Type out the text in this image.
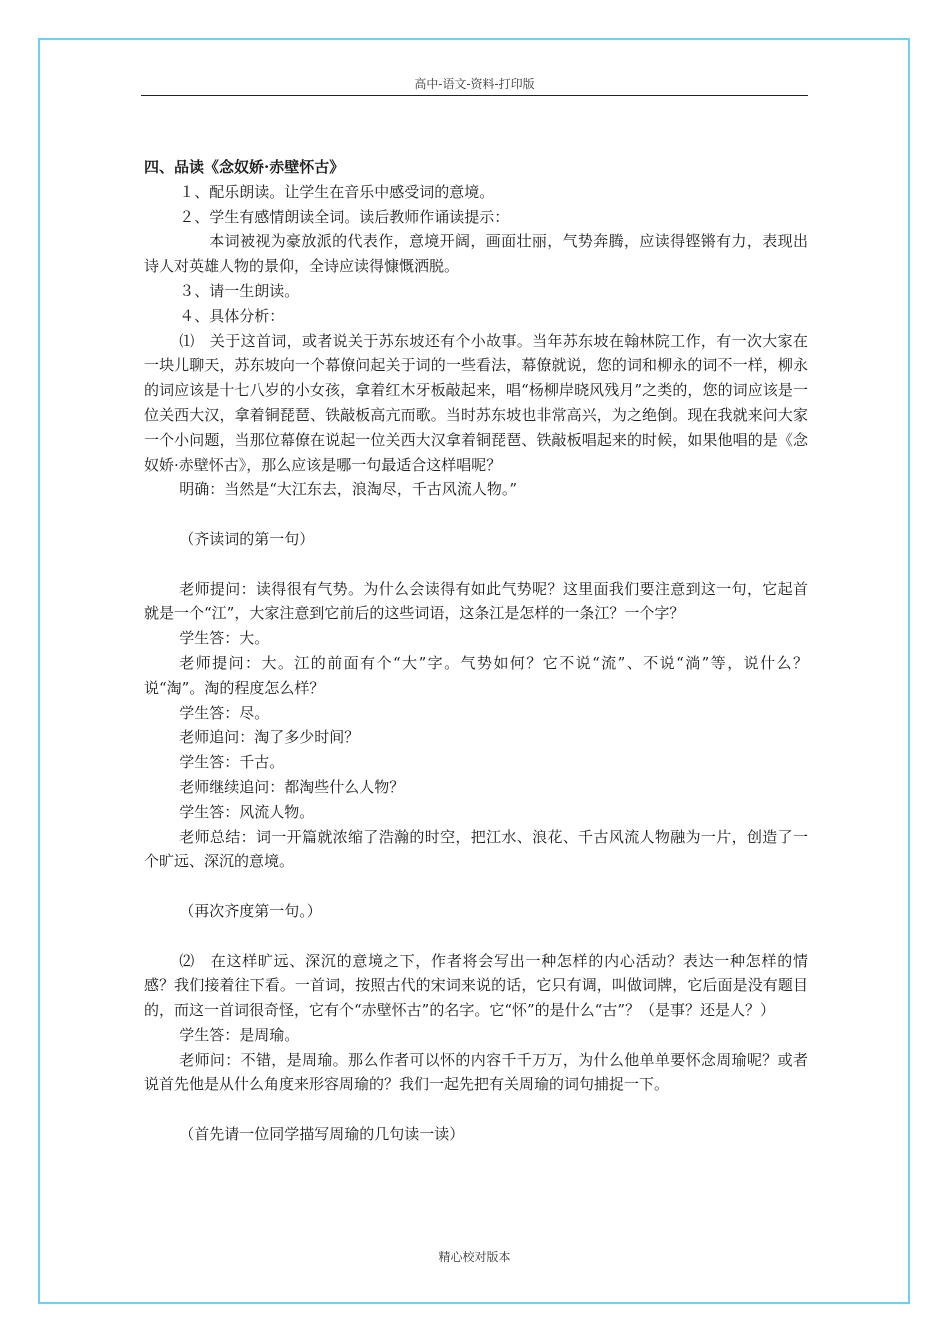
高中-语文-资料-打印版

四、品读《念奴娇·赤壁怀古》

１、配乐朗读。让学生在音乐中感受词的意境。

２、学生有感情朗读全词。读后教师作诵读提示：

本词被视为豪放派的代表作，意境开阔，画面壮丽，气势奔腾，应读得铿锵有力，表现出诗人对英雄人物的景仰，全诗应读得慷慨洒脱。

３、请一生朗读。

４、具体分析：

⑴　关于这首词，或者说关于苏东坡还有个小故事。当年苏东坡在翰林院工作，有一次大家在一块儿聊天，苏东坡向一个幕僚问起关于词的一些看法，幕僚就说，您的词和柳永的词不一样，柳永的词应该是十七八岁的小女孩，拿着红木牙板敲起来，唱“杨柳岸晓风残月”之类的，您的词应该是一位关西大汉，拿着铜琵琶、铁敲板高亢而歌。当时苏东坡也非常高兴，为之绝倒。现在我就来问大家一个小问题，当那位幕僚在说起一位关西大汉拿着铜琵琶、铁敲板唱起来的时候，如果他唱的是《念奴娇·赤壁怀古》，那么应该是哪一句最适合这样唱呢？

明确：当然是“大江东去，浪淘尽，千古风流人物。”

（齐读词的第一句）

老师提问：读得很有气势。为什么会读得有如此气势呢？这里面我们要注意到这一句，它起首就是一个“江”，大家注意到它前后的这些词语，这条江是怎样的一条江？一个字？

学生答：大。

老师提问：大。江的前面有个“大”字。气势如何？它不说“流”、不说“淌”等，说什么？说“淘”。淘的程度怎么样？

学生答：尽。

老师追问：淘了多少时间？

学生答：千古。

老师继续追问：都淘些什么人物？

学生答：风流人物。

老师总结：词一开篇就浓缩了浩瀚的时空，把江水、浪花、千古风流人物融为一片，创造了一个旷远、深沉的意境。

（再次齐度第一句。）

⑵　在这样旷远、深沉的意境之下，作者将会写出一种怎样的内心活动？表达一种怎样的情感？我们接着往下看。一首词，按照古代的宋词来说的话，它只有调，叫做词牌，它后面是没有题目的，而这一首词很奇怪，它有个“赤壁怀古”的名字。它“怀”的是什么“古”？（是事？还是人？）

学生答：是周瑜。

老师问：不错，是周瑜。那么作者可以怀的内容千千万万，为什么他单单要怀念周瑜呢？或者说首先他是从什么角度来形容周瑜的？我们一起先把有关周瑜的词句捕捉一下。

（首先请一位同学描写周瑜的几句读一读）

精心校对版本
